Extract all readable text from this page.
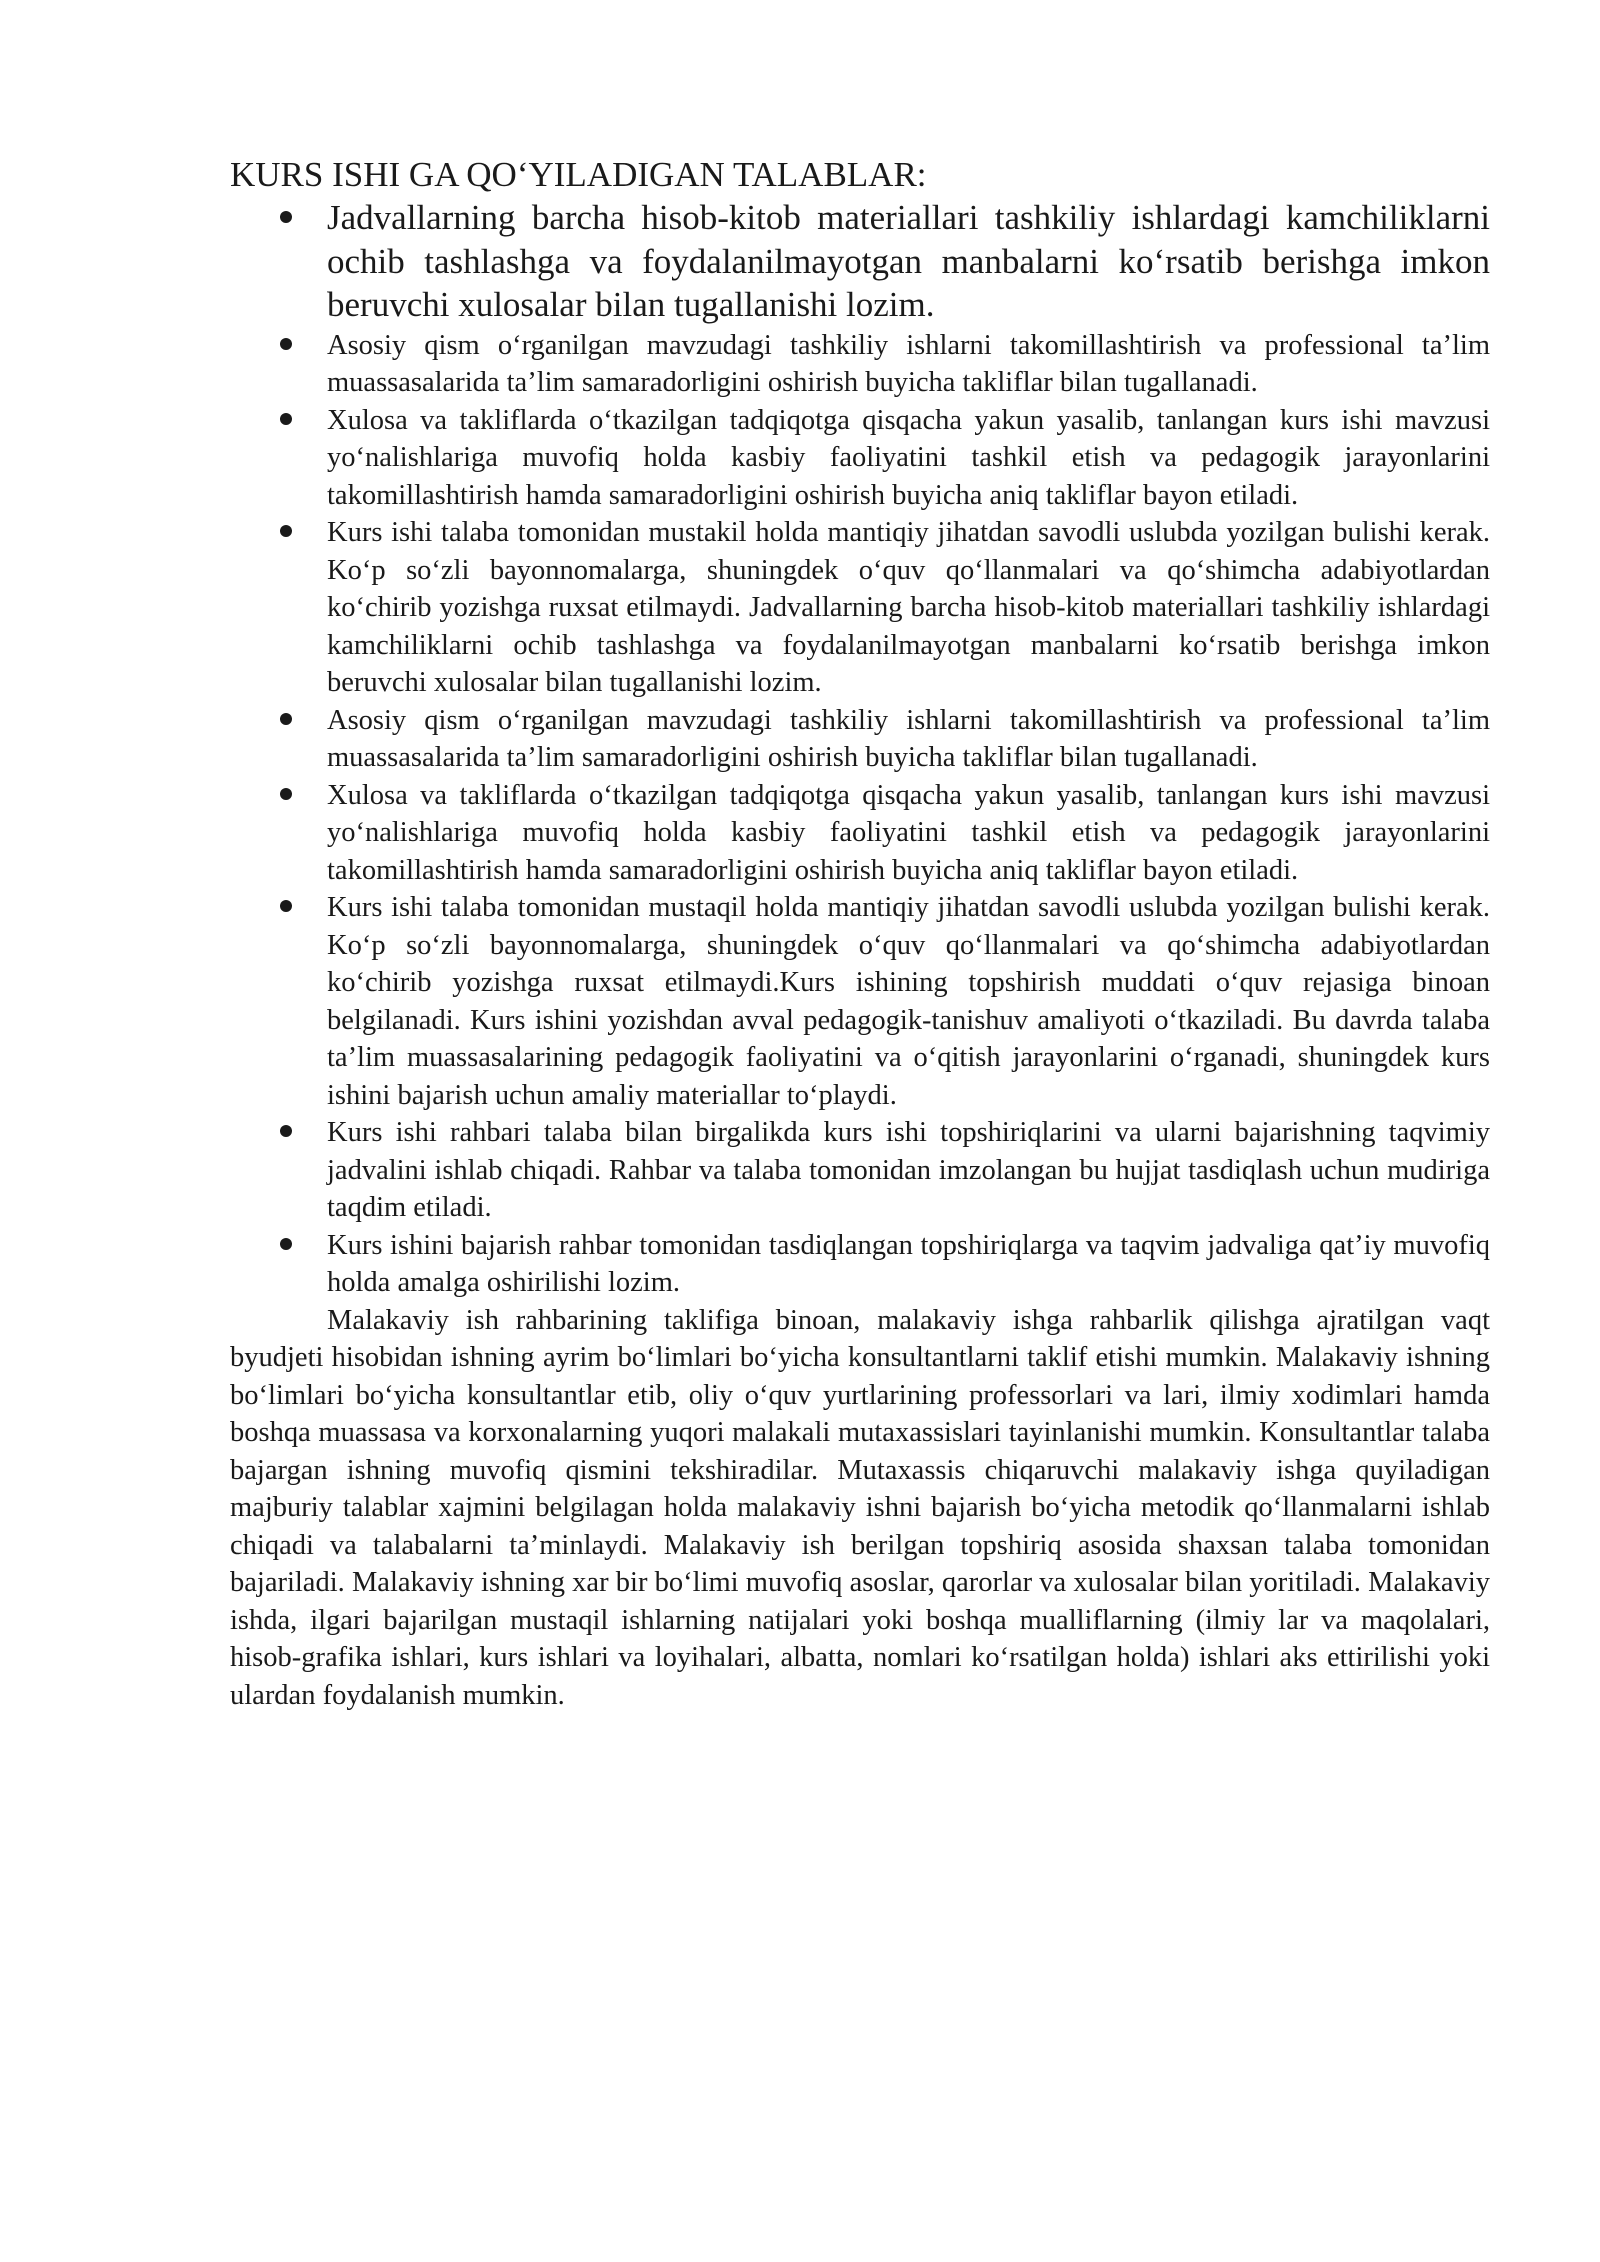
KURS ISHI GA QO‘YILADIGAN TALABLAR:
Jadvallarning barcha hisob-kitob materiallari tashkiliy ishlardagi kamchiliklarni ochib tashlashga va foydalanilmayotgan manbalarni ko‘rsatib berishga imkon beruvchi xulosalar bilan tugallanishi lozim.
Asosiy qism o‘rganilgan mavzudagi tashkiliy ishlarni takomillashtirish va professional ta’lim muassasalarida ta’lim samaradorligini oshirish buyicha takliflar bilan tugallanadi.
Xulosa va takliflarda o‘tkazilgan tadqiqotga qisqacha yakun yasalib, tanlangan kurs ishi mavzusi yo‘nalishlariga muvofiq holda kasbiy faoliyatini tashkil etish va pedagogik jarayonlarini takomillashtirish hamda samaradorligini oshirish buyicha aniq takliflar bayon etiladi.
Kurs ishi talaba tomonidan mustakil holda mantiqiy jihatdan savodli uslubda yozilgan bulishi kerak. Ko‘p so‘zli bayonnomalarga, shuningdek o‘quv qo‘llanmalari va qo‘shimcha adabiyotlardan ko‘chirib yozishga ruxsat etilmaydi. Jadvallarning barcha hisob-kitob materiallari tashkiliy ishlardagi kamchiliklarni ochib tashlashga va foydalanilmayotgan manbalarni ko‘rsatib berishga imkon beruvchi xulosalar bilan tugallanishi lozim.
Asosiy qism o‘rganilgan mavzudagi tashkiliy ishlarni takomillashtirish va professional ta’lim muassasalarida ta’lim samaradorligini oshirish buyicha takliflar bilan tugallanadi.
Xulosa va takliflarda o‘tkazilgan tadqiqotga qisqacha yakun yasalib, tanlangan kurs ishi mavzusi yo‘nalishlariga muvofiq holda kasbiy faoliyatini tashkil etish va pedagogik jarayonlarini takomillashtirish hamda samaradorligini oshirish buyicha aniq takliflar bayon etiladi.
Kurs ishi talaba tomonidan mustaqil holda mantiqiy jihatdan savodli uslubda yozilgan bulishi kerak. Ko‘p so‘zli bayonnomalarga, shuningdek o‘quv qo‘llanmalari va qo‘shimcha adabiyotlardan ko‘chirib yozishga ruxsat etilmaydi.Kurs ishining topshirish muddati o‘quv rejasiga binoan belgilanadi. Kurs ishini yozishdan avval pedagogik-tanishuv amaliyoti o‘tkaziladi. Bu davrda talaba ta’lim muassasalarining pedagogik faoliyatini va o‘qitish jarayonlarini o‘rganadi, shuningdek kurs ishini bajarish uchun amaliy materiallar to‘playdi.
Kurs ishi rahbari talaba bilan birgalikda kurs ishi topshiriqlarini va ularni bajarishning taqvimiy jadvalini ishlab chiqadi. Rahbar va talaba tomonidan imzolangan bu hujjat tasdiqlash uchun mudiriga taqdim etiladi.
Kurs ishini bajarish rahbar tomonidan tasdiqlangan topshiriqlarga va taqvim jadvaliga qat’iy muvofiq holda amalga oshirilishi lozim.

Malakaviy ish rahbarining taklifiga binoan, malakaviy ishga rahbarlik qilishga ajratilgan vaqt byudjeti hisobidan ishning ayrim bo‘limlari bo‘yicha konsultantlarni taklif etishi mumkin. Malakaviy ishning bo‘limlari bo‘yicha konsultantlar etib, oliy o‘quv yurtlarining professorlari va lari, ilmiy xodimlari hamda boshqa muassasa va korxonalarning yuqori malakali mutaxassislari tayinlanishi mumkin. Konsultantlar talaba bajargan ishning muvofiq qismini tekshiradilar. Mutaxassis chiqaruvchi malakaviy ishga quyiladigan majburiy talablar xajmini belgilagan holda malakaviy ishni bajarish bo‘yicha metodik qo‘llanmalarni ishlab chiqadi va talabalarni ta’minlaydi. Malakaviy ish berilgan topshiriq asosida shaxsan talaba tomonidan bajariladi. Malakaviy ishning xar bir bo‘limi muvofiq asoslar, qarorlar va xulosalar bilan yoritiladi. Malakaviy ishda, ilgari bajarilgan mustaqil ishlarning natijalari yoki boshqa mualliflarning (ilmiy lar va maqolalari, hisob-grafika ishlari, kurs ishlari va loyihalari, albatta, nomlari ko‘rsatilgan holda) ishlari aks ettirilishi yoki ulardan foydalanish mumkin.
